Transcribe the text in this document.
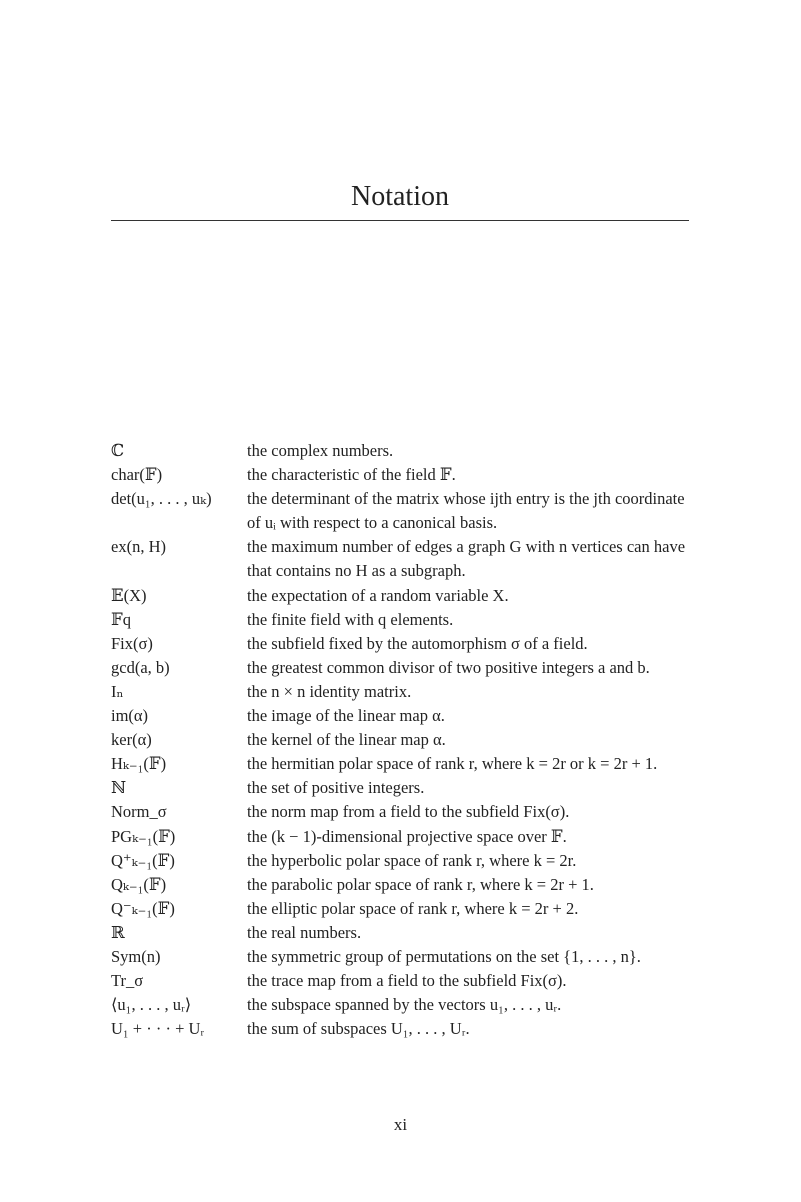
Notation
ℂ	the complex numbers.
char(𝔽)	the characteristic of the field 𝔽.
det(u₁, . . . , uₖ)	the determinant of the matrix whose ijth entry is the jth coordinate of uᵢ with respect to a canonical basis.
ex(n, H)	the maximum number of edges a graph G with n vertices can have that contains no H as a subgraph.
𝔼(X)	the expectation of a random variable X.
𝔽q	the finite field with q elements.
Fix(σ)	the subfield fixed by the automorphism σ of a field.
gcd(a, b)	the greatest common divisor of two positive integers a and b.
Iₙ	the n × n identity matrix.
im(α)	the image of the linear map α.
ker(α)	the kernel of the linear map α.
Hₖ₋₁(𝔽)	the hermitian polar space of rank r, where k = 2r or k = 2r + 1.
ℕ	the set of positive integers.
Norm_σ	the norm map from a field to the subfield Fix(σ).
PGₖ₋₁(𝔽)	the (k − 1)-dimensional projective space over 𝔽.
Q⁺ₖ₋₁(𝔽)	the hyperbolic polar space of rank r, where k = 2r.
Qₖ₋₁(𝔽)	the parabolic polar space of rank r, where k = 2r + 1.
Q⁻ₖ₋₁(𝔽)	the elliptic polar space of rank r, where k = 2r + 2.
ℝ	the real numbers.
Sym(n)	the symmetric group of permutations on the set {1, . . . , n}.
Tr_σ	the trace map from a field to the subfield Fix(σ).
⟨u₁, . . . , uᵣ⟩	the subspace spanned by the vectors u₁, . . . , uᵣ.
U₁ + · · · + Uᵣ	the sum of subspaces U₁, . . . , Uᵣ.
xi
